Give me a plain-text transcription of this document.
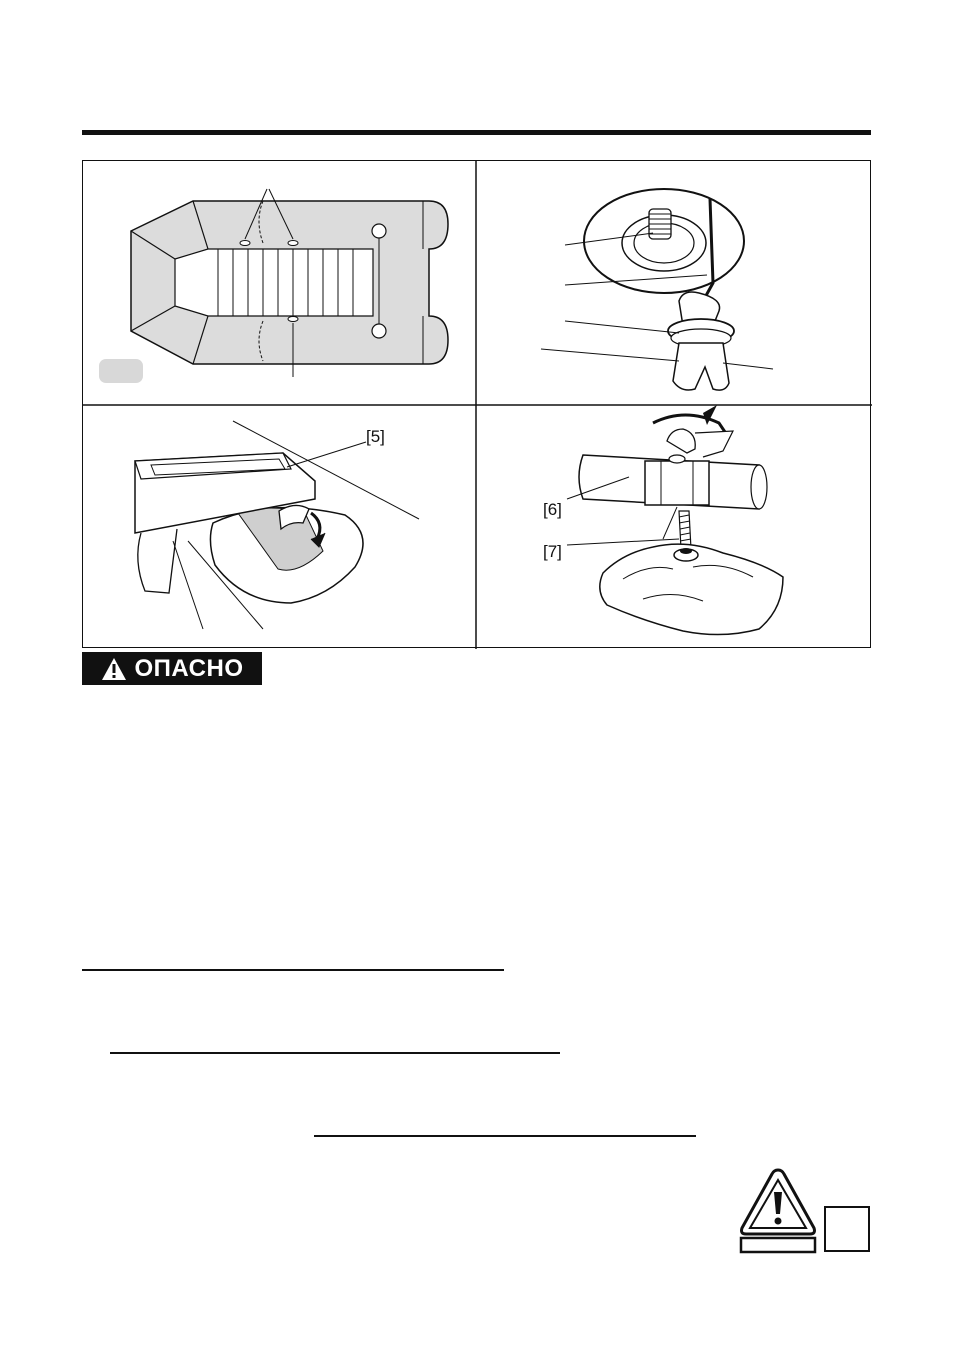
[5]
[6]
[7]
ОПАСНО
